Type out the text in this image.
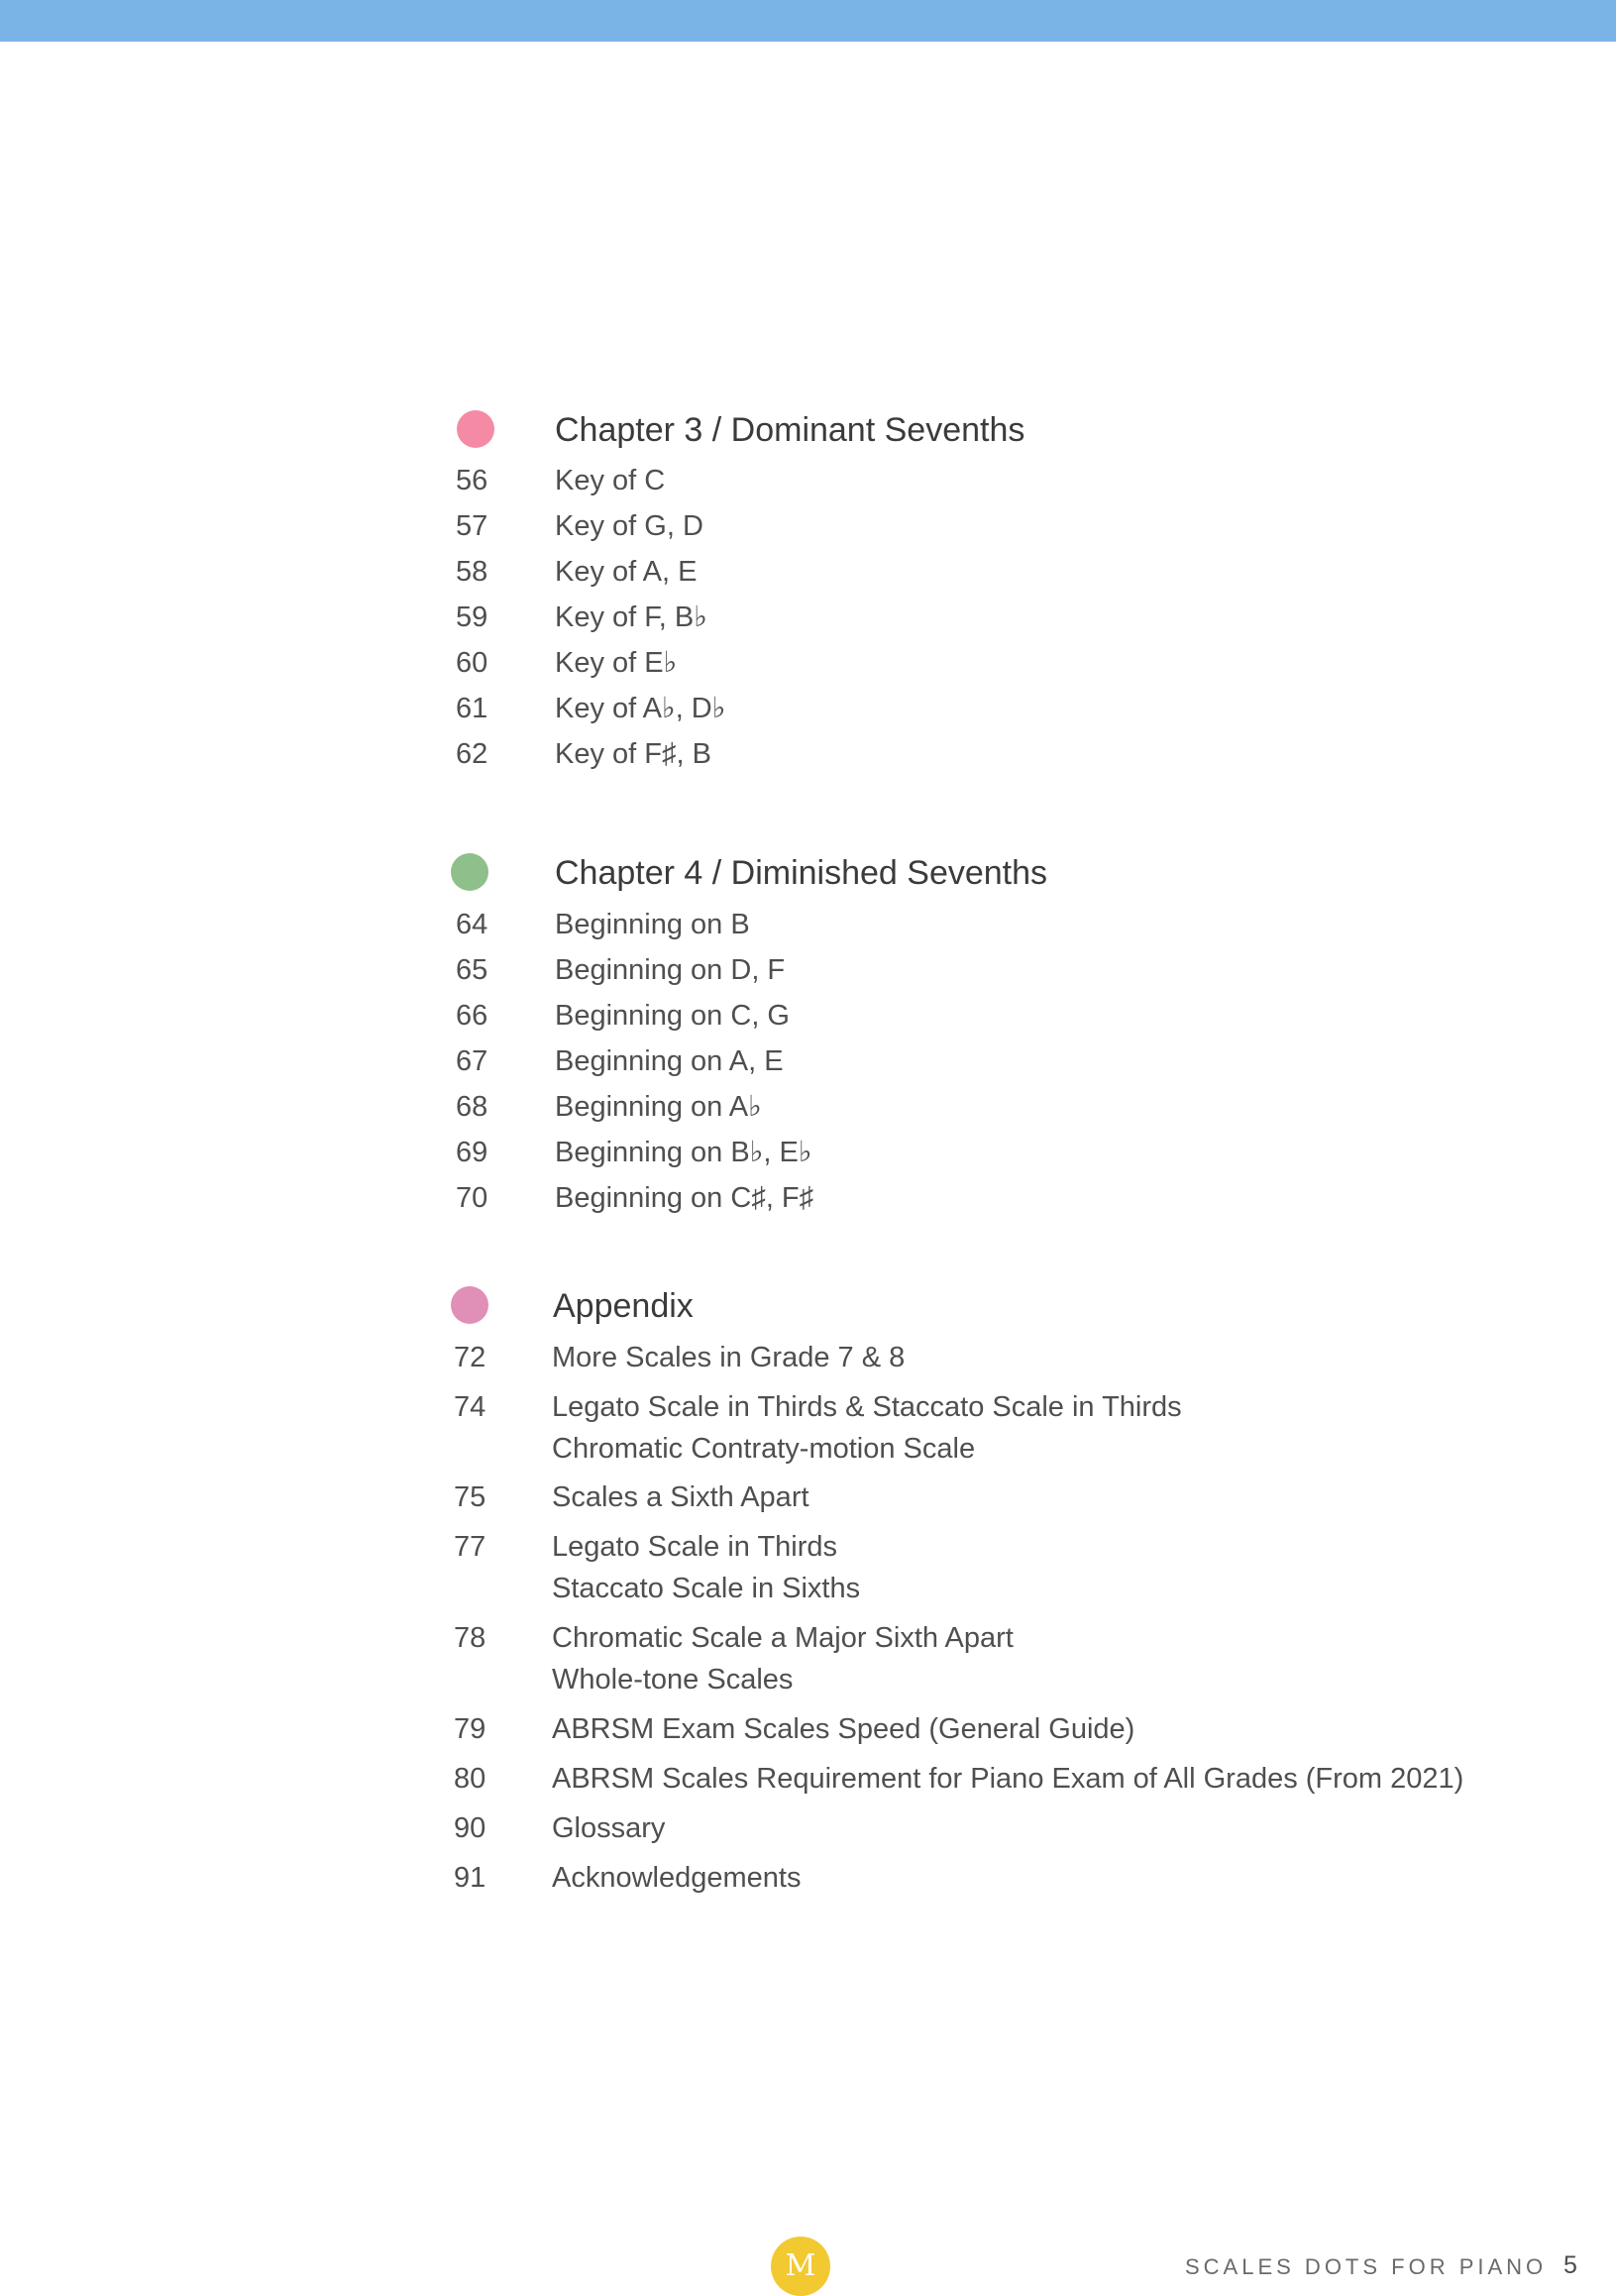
Chapter 3 / Dominant Sevenths
56 Key of C
57 Key of G, D
58 Key of A, E
59 Key of F, B♭
60 Key of E♭
61 Key of A♭, D♭
62 Key of F♯, B
Chapter 4 / Diminished Sevenths
64 Beginning on B
65 Beginning on D, F
66 Beginning on C, G
67 Beginning on A, E
68 Beginning on A♭
69 Beginning on B♭, E♭
70 Beginning on C♯, F♯
Appendix
72 More Scales in Grade 7 & 8
74 Legato Scale in Thirds & Staccato Scale in Thirds
Chromatic Contraty-motion Scale
75 Scales a Sixth Apart
77 Legato Scale in Thirds
Staccato Scale in Sixths
78 Chromatic Scale a Major Sixth Apart
Whole-tone Scales
79 ABRSM Exam Scales Speed (General Guide)
80 ABRSM Scales Requirement for Piano Exam of All Grades (From 2021)
90 Glossary
91 Acknowledgements
M	SCALES DOTS FOR PIANO 5
